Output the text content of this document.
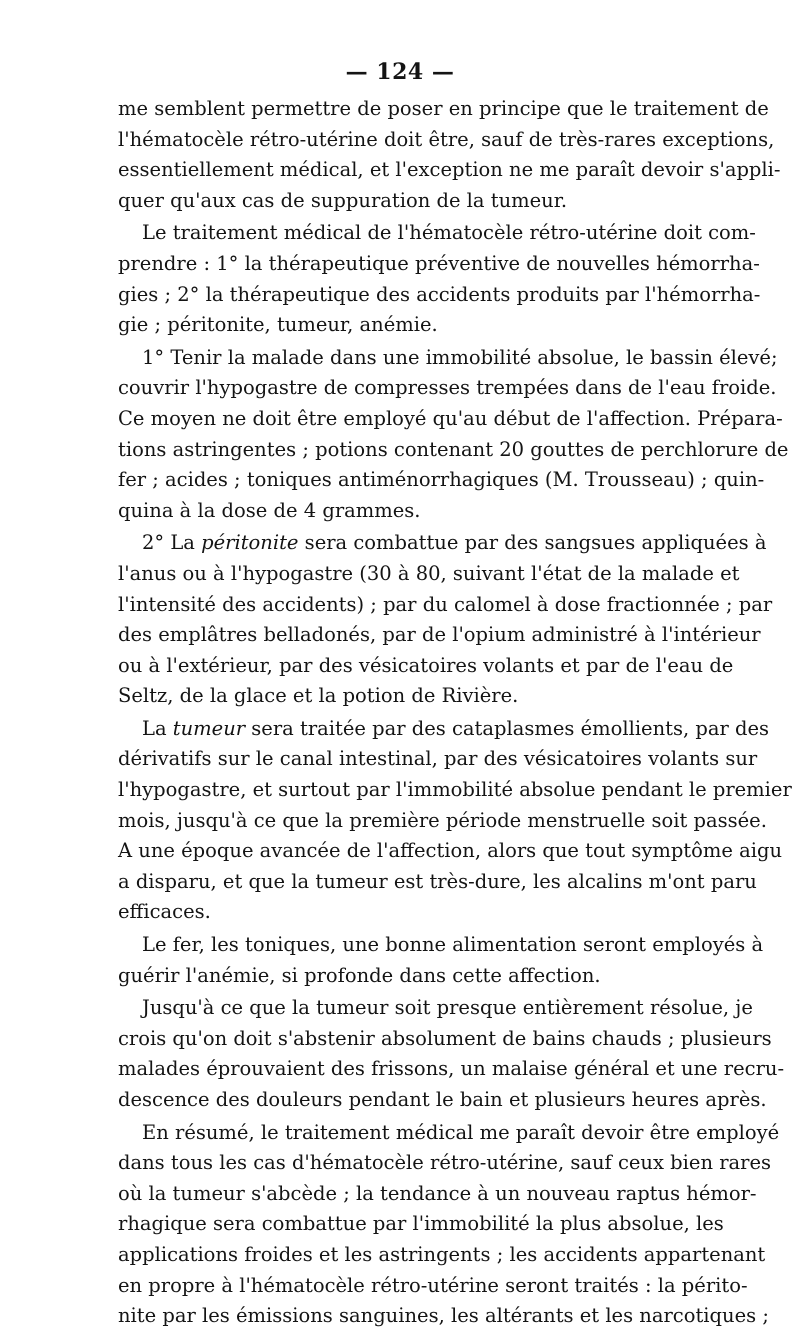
— 124 —

me semblent permettre de poser en principe que le traitement de
l'hématocèle rétro-utérine doit être, sauf de très-rares exceptions,
essentiellement médical, et l'exception ne me paraît devoir s'appli-
quer qu'aux cas de suppuration de la tumeur.

Le traitement médical de l'hématocèle rétro-utérine doit com-
prendre : 1° la thérapeutique préventive de nouvelles hémorrha-
gies ; 2° la thérapeutique des accidents produits par l'hémorrha-
gie ; péritonite, tumeur, anémie.

1° Tenir la malade dans une immobilité absolue, le bassin élevé;
couvrir l'hypogastre de compresses trempées dans de l'eau froide.
Ce moyen ne doit être employé qu'au début de l'affection. Prépara-
tions astringentes ; potions contenant 20 gouttes de perchlorure de
fer ; acides ; toniques antiménorrhagiques (M. Trousseau) ; quin-
quina à la dose de 4 grammes.

2° La péritonite sera combattue par des sangsues appliquées à
l'anus ou à l'hypogastre (30 à 80, suivant l'état de la malade et
l'intensité des accidents) ; par du calomel à dose fractionnée ; par
des emplâtres belladonés, par de l'opium administré à l'intérieur
ou à l'extérieur, par des vésicatoires volants et par de l'eau de
Seltz, de la glace et la potion de Rivière.

La tumeur sera traitée par des cataplasmes émollients, par des
dérivatifs sur le canal intestinal, par des vésicatoires volants sur
l'hypogastre, et surtout par l'immobilité absolue pendant le premier
mois, jusqu'à ce que la première période menstruelle soit passée.
A une époque avancée de l'affection, alors que tout symptôme aigu
a disparu, et que la tumeur est très-dure, les alcalins m'ont paru
efficaces.

Le fer, les toniques, une bonne alimentation seront employés à
guérir l'anémie, si profonde dans cette affection.

Jusqu'à ce que la tumeur soit presque entièrement résolue, je
crois qu'on doit s'abstenir absolument de bains chauds ; plusieurs
malades éprouvaient des frissons, un malaise général et une recru-
descence des douleurs pendant le bain et plusieurs heures après.

En résumé, le traitement médical me paraît devoir être employé
dans tous les cas d'hématocèle rétro-utérine, sauf ceux bien rares
où la tumeur s'abcède ; la tendance à un nouveau raptus hémor-
rhagique sera combattue par l'immobilité la plus absolue, les
applications froides et les astringents ; les accidents appartenant
en propre à l'hématocèle rétro-utérine seront traités : la périto-
nite par les émissions sanguines, les altérants et les narcotiques ;
